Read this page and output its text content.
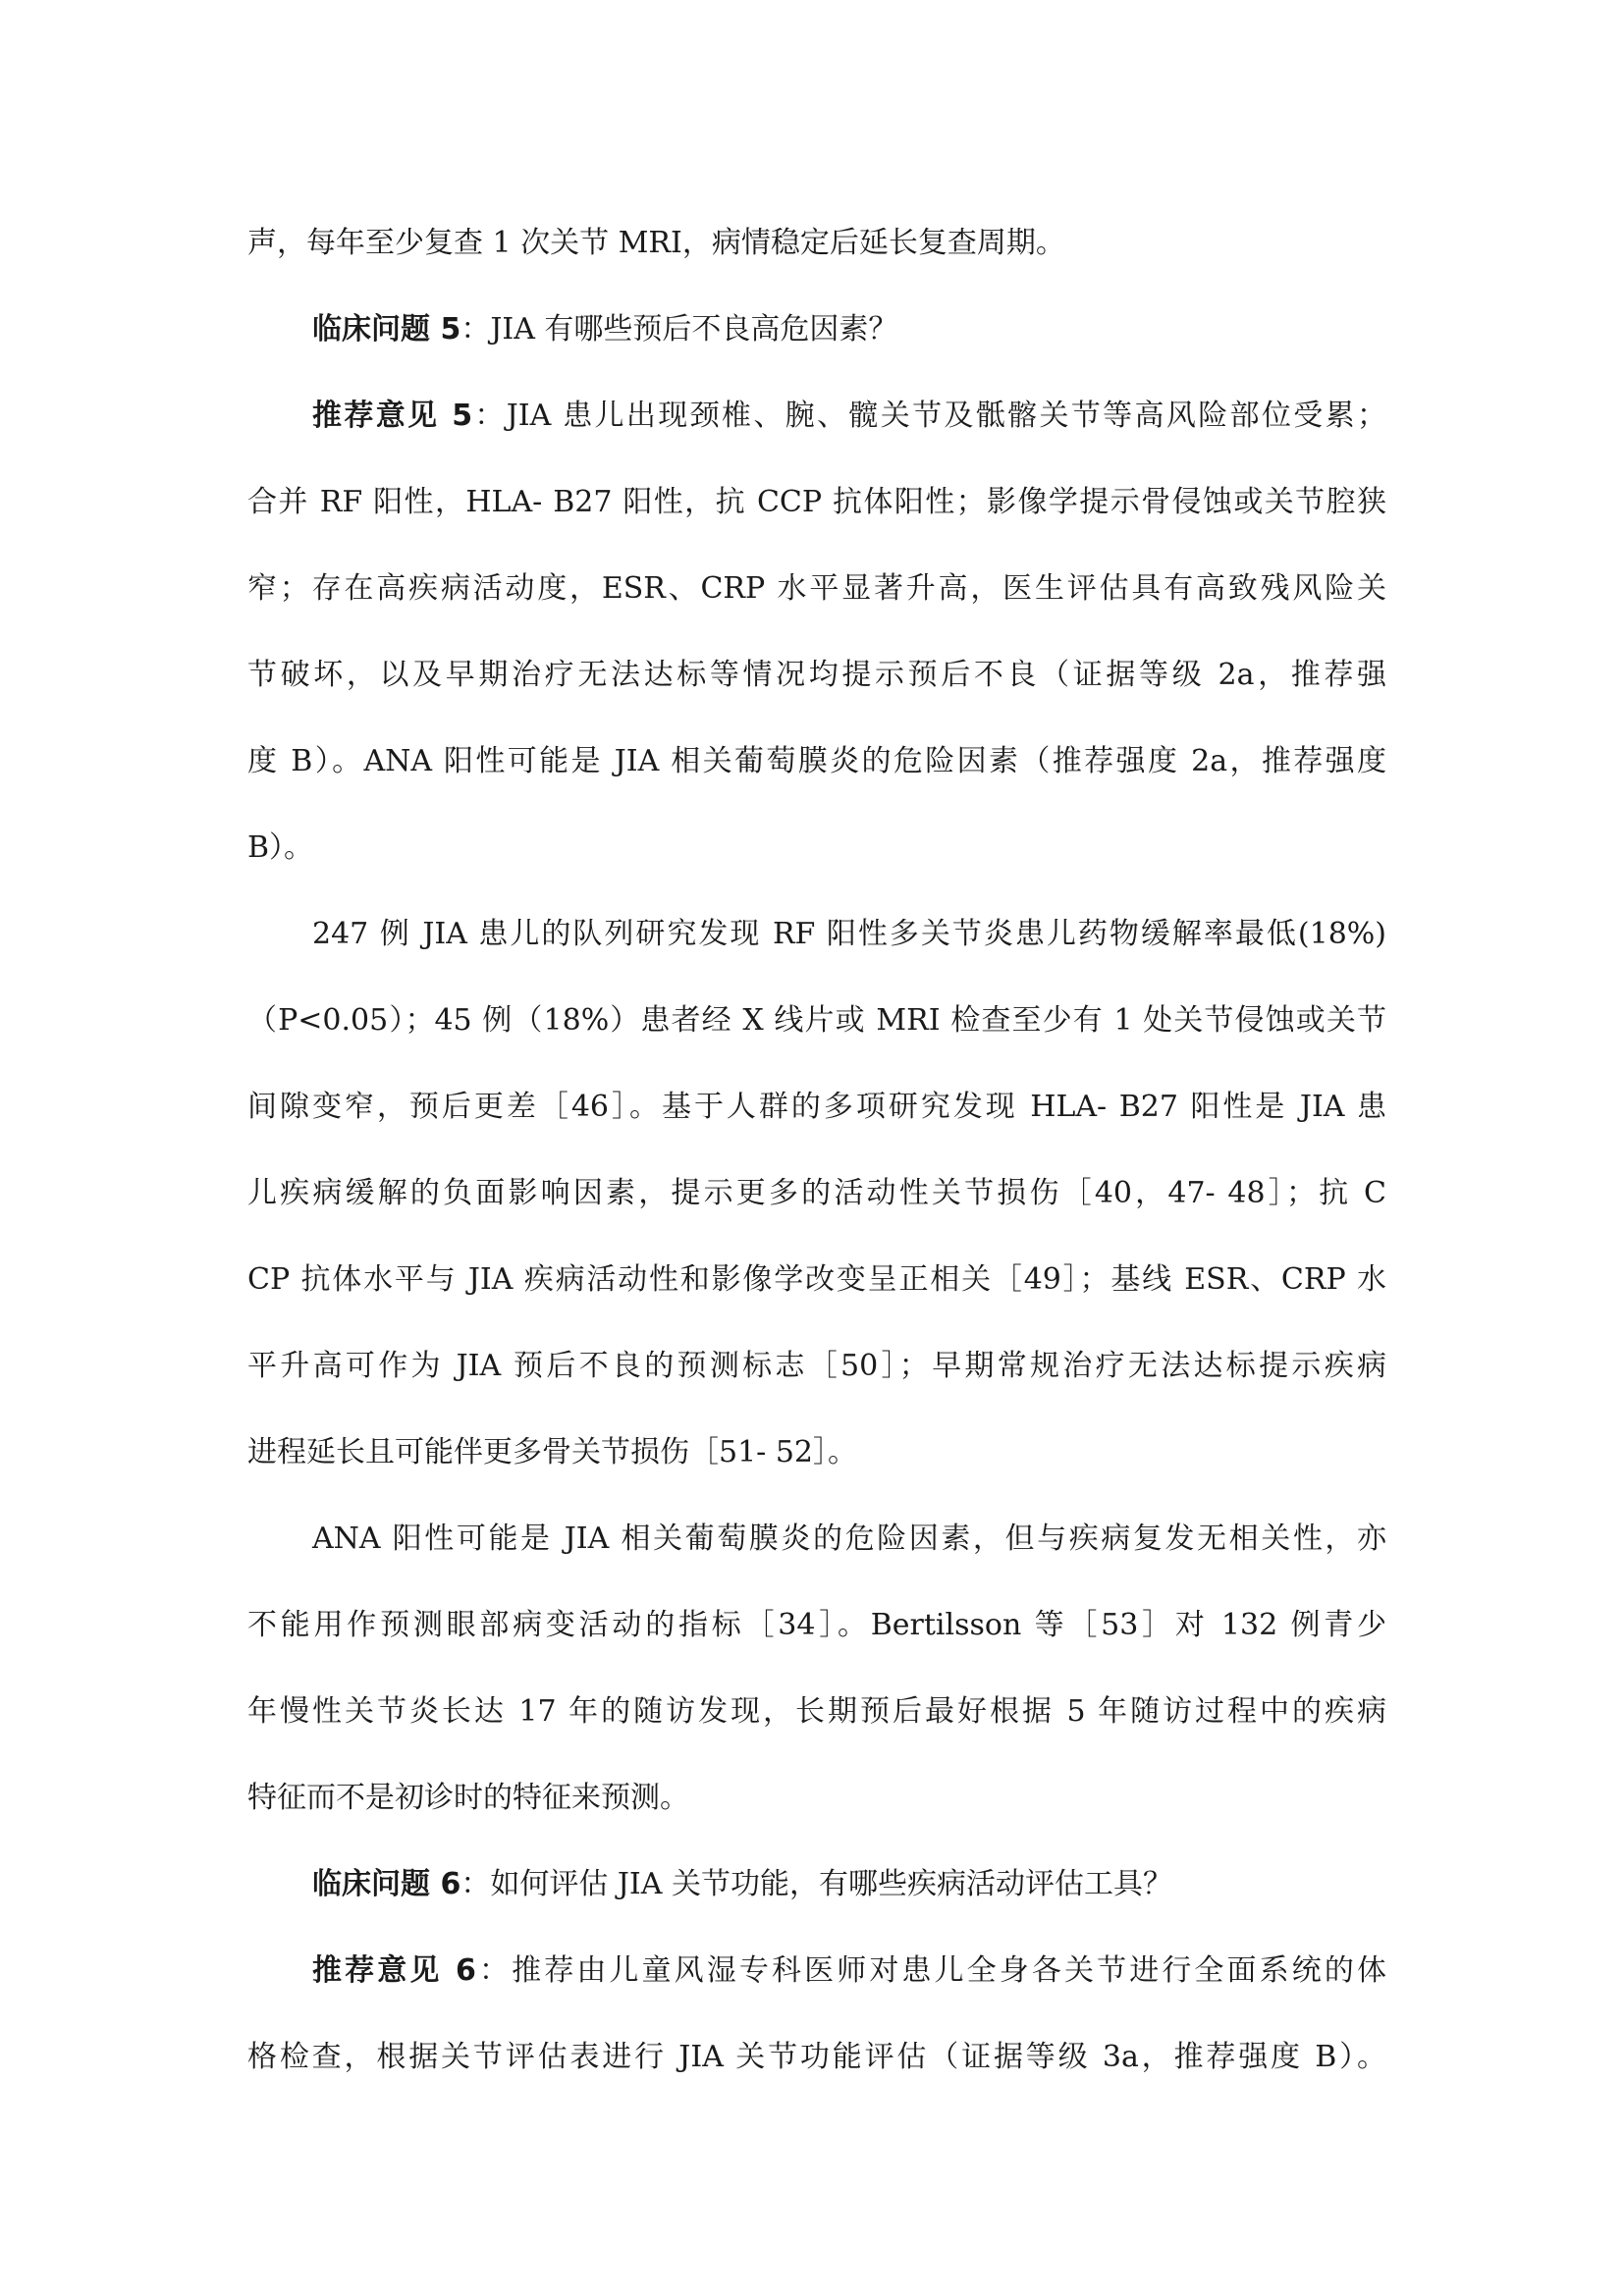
声，每年至少复查 1 次关节 MRI，病情稳定后延长复查周期。
临床问题 5：JIA 有哪些预后不良高危因素？
推荐意见 5：JIA 患儿出现颈椎、腕、髋关节及骶髂关节等高风险部位受累；
合并 RF 阳性，HLA- B27 阳性，抗 CCP 抗体阳性；影像学提示骨侵蚀或关节腔狭
窄；存在高疾病活动度，ESR、CRP 水平显著升高，医生评估具有高致残风险关
节破坏，以及早期治疗无法达标等情况均提示预后不良（证据等级 2a，推荐强
度 B）。ANA 阳性可能是 JIA 相关葡萄膜炎的危险因素（推荐强度 2a，推荐强度
B）。
247 例 JIA 患儿的队列研究发现 RF 阳性多关节炎患儿药物缓解率最低(18%)
（P<0.05）；45 例（18%）患者经 X 线片或 MRI 检查至少有 1 处关节侵蚀或关节
间隙变窄，预后更差［46］。基于人群的多项研究发现 HLA- B27 阳性是 JIA 患
儿疾病缓解的负面影响因素，提示更多的活动性关节损伤［40，47- 48］；抗 C
CP 抗体水平与 JIA 疾病活动性和影像学改变呈正相关［49］；基线 ESR、CRP 水
平升高可作为 JIA 预后不良的预测标志［50］；早期常规治疗无法达标提示疾病
进程延长且可能伴更多骨关节损伤［51- 52］。
ANA 阳性可能是 JIA 相关葡萄膜炎的危险因素，但与疾病复发无相关性，亦
不能用作预测眼部病变活动的指标［34］。Bertilsson 等［53］对 132 例青少
年慢性关节炎长达 17 年的随访发现，长期预后最好根据 5 年随访过程中的疾病
特征而不是初诊时的特征来预测。
临床问题 6：如何评估 JIA 关节功能，有哪些疾病活动评估工具？
推荐意见 6：推荐由儿童风湿专科医师对患儿全身各关节进行全面系统的体
格检查，根据关节评估表进行 JIA 关节功能评估（证据等级 3a，推荐强度 B）。
